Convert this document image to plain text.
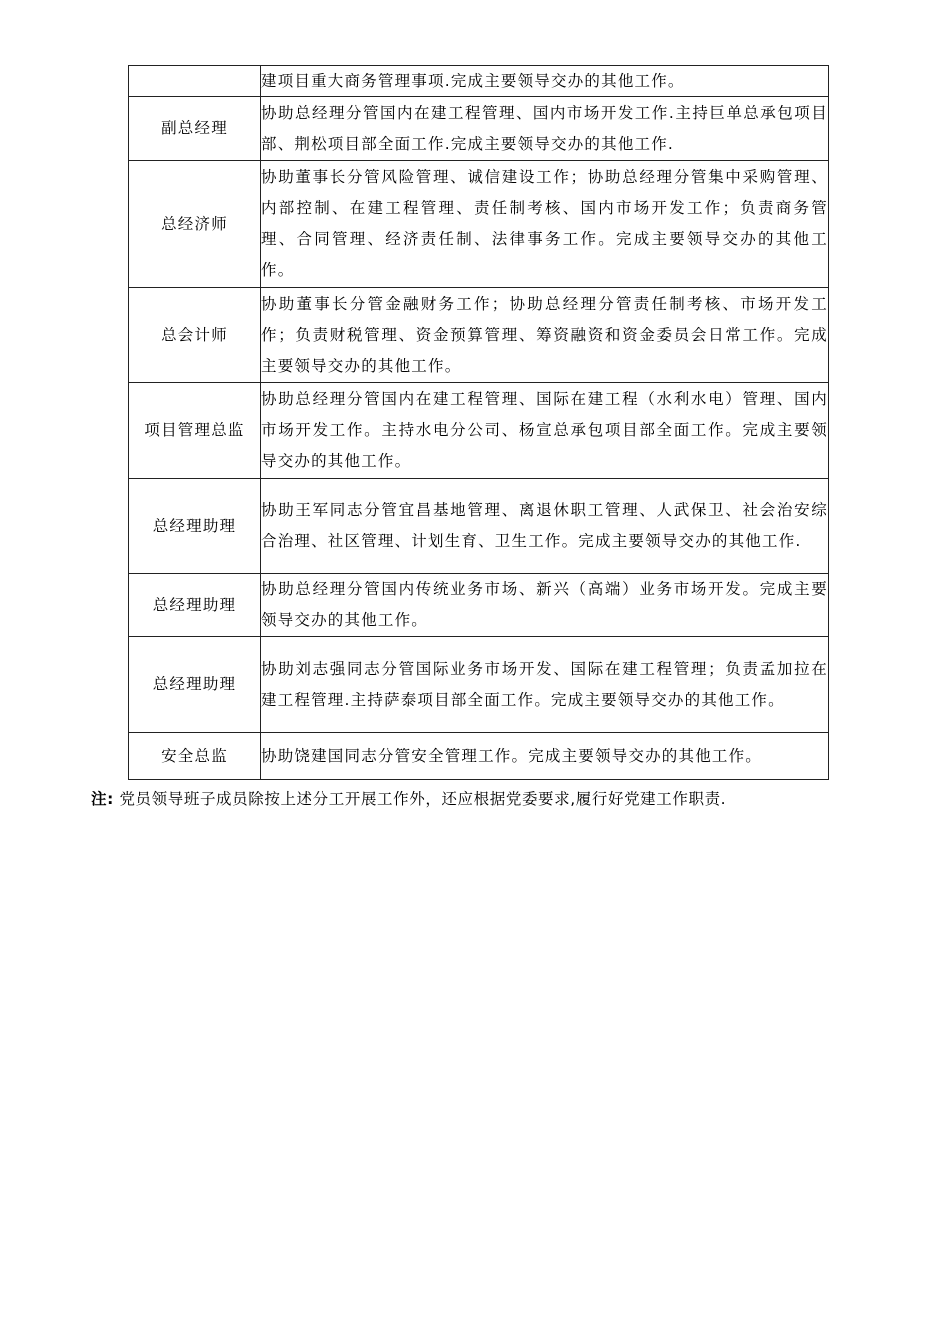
	建项目重大商务管理事项.完成主要领导交办的其他工作。
副总经理	协助总经理分管国内在建工程管理、国内市场开发工作.主持巨单总承包项目部、荆松项目部全面工作.完成主要领导交办的其他工作.
总经济师	协助董事长分管风险管理、诚信建设工作；协助总经理分管集中采购管理、内部控制、在建工程管理、责任制考核、国内市场开发工作；负责商务管理、合同管理、经济责任制、法律事务工作。完成主要领导交办的其他工作。
总会计师	协助董事长分管金融财务工作；协助总经理分管责任制考核、市场开发工作；负责财税管理、资金预算管理、筹资融资和资金委员会日常工作。完成主要领导交办的其他工作。
项目管理总监	协助总经理分管国内在建工程管理、国际在建工程（水利水电）管理、国内市场开发工作。主持水电分公司、杨宣总承包项目部全面工作。完成主要领导交办的其他工作。
总经理助理	协助王军同志分管宜昌基地管理、离退休职工管理、人武保卫、社会治安综合治理、社区管理、计划生育、卫生工作。完成主要领导交办的其他工作.
总经理助理	协助总经理分管国内传统业务市场、新兴（高端）业务市场开发。完成主要领导交办的其他工作。
总经理助理	协助刘志强同志分管国际业务市场开发、国际在建工程管理；负责孟加拉在建工程管理.主持萨泰项目部全面工作。完成主要领导交办的其他工作。
安全总监	协助饶建国同志分管安全管理工作。完成主要领导交办的其他工作。
注: 党员领导班子成员除按上述分工开展工作外，还应根据党委要求,履行好党建工作职责.
